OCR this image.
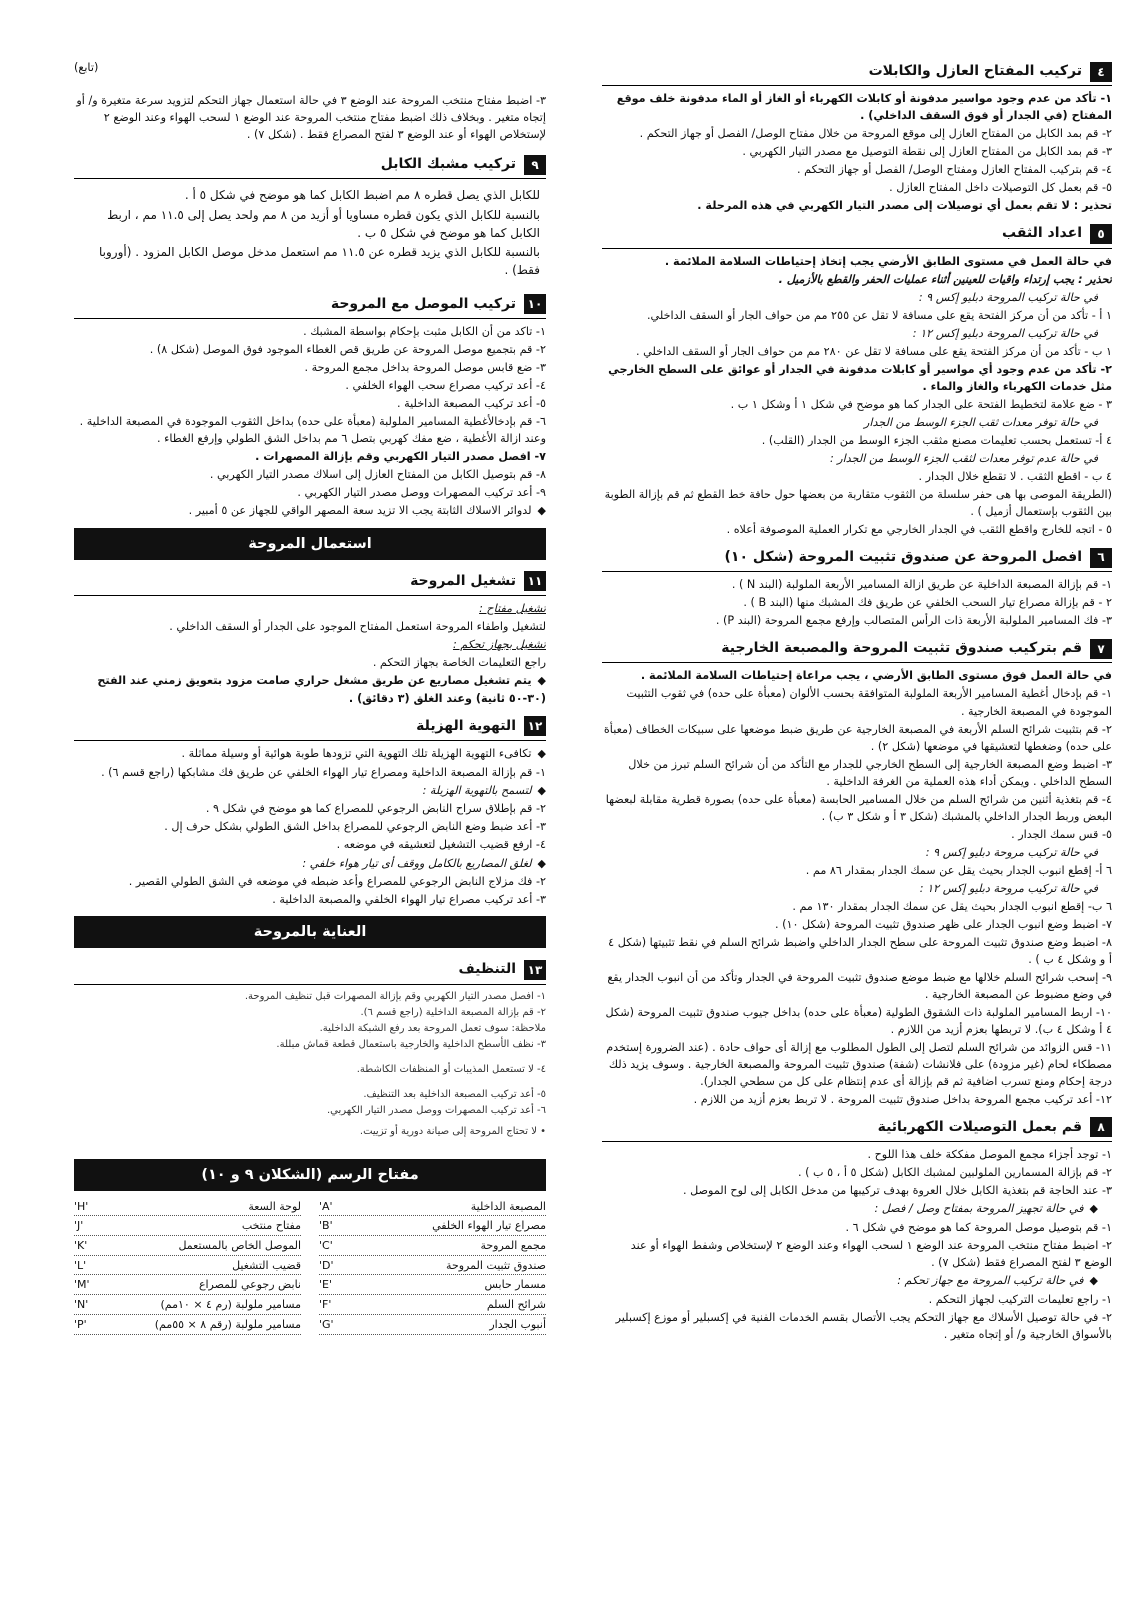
٤
تركيب المفتاح العازل والكابلات
١- تأكد من عدم وجود مواسير مدفونة أو كابلات الكهرباء أو الغاز أو الماء مدفونة خلف موقع المفتاح (في الجدار أو فوق السقف الداخلي) .
٢- قم بمد الكابل من المفتاح العازل إلى موقع المروحة من خلال مفتاح الوصل/ الفصل أو جهاز التحكم .
٣- قم بمد الكابل من المفتاح العازل إلى نقطة التوصيل مع مصدر التيار الكهربي .
٤- قم بتركيب المفتاح العازل ومفتاح الوصل/ الفصل أو جهاز التحكم .
٥- قم بعمل كل التوصيلات داخل المفتاح العازل .
تحذير : لا تقم بعمل أي توصيلات إلى مصدر التيار الكهربي في هذه المرحلة .
٥
اعداد الثقب
في حالة العمل في مستوى الطابق الأرضي يجب إتخاذ إحتياطات السلامة الملائمة .
تحذير : يجب إرتداء واقيات للعينين أثناء عمليات الحفر والقطع بالأزميل .
في حالة تركيب المروحة دبليو إكس ٩ :
١ أ - تأكد من أن مركز الفتحة يقع على مسافة لا تقل عن ٢٥٥ مم من حواف الجار أو السقف الداخلي.
في حالة تركيب المروحة دبليو إكس ١٢ :
١ ب - تأكد من أن مركز الفتحة يقع على مسافة لا تقل عن ٢٨٠ مم من حواف الجار أو السقف الداخلي .
٢- تأكد من عدم وجود أي مواسير أو كابلات مدفونة في الجدار أو عوائق على السطح الخارجي مثل خدمات الكهرباء والغاز والماء .
٣ - ضع علامة لتخطيط الفتحة على الجدار كما هو موضح في شكل ١ أ وشكل ١ ب .
في حالة توفر معدات ثقب الجزء الوسط من الجدار
٤ أ- تستعمل بحسب تعليمات مصنع مثقب الجزء الوسط من الجدار (القلب) .
في حالة عدم توفر معدات لثقب الجزء الوسط من الجدار :
٤ ب - اقطع الثقب . لا تقطع خلال الجدار .
(الطريقة الموصى بها هى حفر سلسلة من الثقوب متقاربة من بعضها حول حافة خط القطع ثم قم بإزالة الطوبة بين الثقوب بإستعمال أزميل ) .
٥ - اتجه للخارج واقطع الثقب في الجدار الخارجي مع تكرار العملية الموصوفة أعلاه .
٦
افصل المروحة عن صندوق تثبيت المروحة (شكل ١٠)
١- قم بإزالة المصبعة الداخلية عن طريق ازالة المسامير الأربعة الملولبة (البند N ) .
٢ - قم بإزالة مصراع تيار السحب الخلفي عن طريق فك المشبك منها (البند B ) .
٣- فك المسامير الملولبة الأربعة ذات الرأس المتصالب وإرفع مجمع المروحة (البند P) .
٧
قم بتركيب صندوق تثبيت المروحة والمصبعة الخارجية
في حالة العمل فوق مستوى الطابق الأرضي ، يجب مراعاة إحتياطات السلامة الملائمة .
١- قم بإدخال أغطية المسامير الأربعة الملولبة المتوافقة بحسب الألوان (معبأة على حده) في ثقوب التثبيت الموجودة في المصبعة الخارجية .
٢- قم بتثبيت شرائح السلم الأربعة في المصبعة الخارجية عن طريق ضبط موضعها على سبيكات الخطاف (معبأة على حده) وضغطها لتعشيقها في موضعها (شكل ٢) .
٣- اضبط وضع المصبعة الخارجية إلى السطح الخارجي للجدار مع التأكد من أن شرائح السلم تبرز من خلال السطح الداخلي . ويمكن أداء هذه العملية من الغرفة الداخلية .
٤- قم بتغذية أثنين من شرائح السلم من خلال المسامير الحابسة (معبأة على حده) بصورة قطرية مقابلة لبعضها البعض وربط الجدار الداخلي بالمشبك (شكل ٣ أ و شكل ٣ ب) .
٥- قس سمك الجدار .
في حالة تركيب مروحة دبليو إكس ٩ :
٦ أ- إقطع انبوب الجدار بحيث يقل عن سمك الجدار بمقدار ٨٦ مم .
في حالة تركيب مروحة دبليو إكس ١٢ :
٦ ب- إقطع انبوب الجدار بحيث يقل عن سمك الجدار بمقدار ١٣٠ مم .
٧- اضبط وضع انبوب الجدار على ظهر صندوق تثبيت المروحة (شكل ١٠) .
٨- اضبط وضع صندوق تثبيت المروحة على سطح الجدار الداخلي واضبط شرائح السلم في نقط تثبيتها (شكل ٤ أ و وشكل ٤ ب ) .
٩- إسحب شرائح السلم خلالها مع ضبط موضع صندوق تثبيت المروحة في الجدار وتأكد من أن انبوب الجدار يقع في وضع مضبوط عن المصبعة الخارجية .
١٠- اربط المسامير الملولبة ذات الشقوق الطولية (معبأة على حده) بداخل جيوب صندوق تثبيت المروحة (شكل ٤ أ وشكل ٤ ب). لا تربطها بعزم أزيد من اللازم .
١١- قس الزوائد من شرائح السلم لتصل إلى الطول المطلوب مع إزالة أى حواف حادة . (عند الضرورة إستخدم مصطكاء لحام (غير مزودة) على فلانشات (شفة) صندوق تثبيت المروحة والمصبعة الخارجية . وسوف يزيد ذلك درجة إحكام ومنع تسرب اضافية ثم قم بإزالة أى عدم إنتظام على كل من سطحي الجدار).
١٢- أعد تركيب مجمع المروحة بداخل صندوق تثبيت المروحة . لا تربط بعزم أزيد من اللازم .
٨
قم بعمل التوصيلات الكهربائية
١- توجد أجزاء مجمع الموصل مفككة خلف هذا اللوح .
٢- قم بإزالة المسمارين الملولبين لمشبك الكابل (شكل ٥ أ ، ٥ ب ) .
٣- عند الحاجة قم بتغذية الكابل خلال العروة بهدف تركيبها من مدخل الكابل إلى لوح الموصل .
◆ في حالة تجهيز المروحة بمفتاح وصل / فصل :
١- قم بتوصيل موصل المروحة كما هو موضح في شكل ٦ .
٢- اضبط مفتاح منتخب المروحة عند الوضع ١ لسحب الهواء وعند الوضع ٢ لإستخلاص وشفط الهواء أو عند الوضع ٣ لفتح المصراع فقط (شكل ٧) .
◆ في حالة تركيب المروحة مع جهاز تحكم :
١- راجع تعليمات التركيب لجهاز التحكم .
٢- في حالة توصيل الأسلاك مع جهاز التحكم يجب الأتصال بقسم الخدمات الفنية في إكسبلير أو موزع إكسبلير بالأسواق الخارجية و/ أو إتجاه متغير .
(تابع)
٣- اضبط مفتاح منتخب المروحة عند الوضع ٣ في حالة استعمال جهاز التحكم لتزويد سرعة متغيرة و/ أو إتجاه متغير . وبخلاف ذلك اضبط مفتاح منتخب المروحة عند الوضع ١ لسحب الهواء وعند الوضع ٢ لإستخلاص الهواء أو عند الوضع ٣ لفتح المصراع فقط . (شكل ٧) .
٩
تركيب مشبك الكابل
للكابل الذي يصل قطره ٨ مم اضبط الكابل كما هو موضح في شكل ٥ أ .
بالنسبة للكابل الذي يكون قطره مساويا أو أزيد من ٨ مم ولحد يصل إلى ١١.٥ مم ، اربط الكابل كما هو موضح في شكل ٥ ب .
بالنسبة للكابل الذي يزيد قطره عن ١١.٥ مم استعمل مدخل موصل الكابل المزود . (أوروبا فقط) .
١٠
تركيب الموصل مع المروحة
١- تاكد من أن الكابل مثبت بإحكام بواسطة المشبك .
٢- قم بتجميع موصل المروحة عن طريق قص الغطاء الموجود فوق الموصل (شكل ٨) .
٣- ضع قابس موصل المروحة بداخل مجمع المروحة .
٤- أعد تركيب مصراع سحب الهواء الخلفي .
٥- أعد تركيب المصبعة الداخلية .
٦- قم بإدخالأغطية المسامير الملولبة (معبأة على حده) بداخل الثقوب الموجودة في المصبعة الداخلية . وعند ازالة الأغطية ، ضع مفك كهربي بتصل ٦ مم بداخل الشق الطولي وإرفع الغطاء .
٧- افصل مصدر التيار الكهربي وقم بإزالة المصهرات .
٨- قم بتوصيل الكابل من المفتاح العازل إلى اسلاك مصدر التيار الكهربي .
٩- أعد تركيب المصهرات ووصل مصدر التيار الكهربي .
◆ لدوائر الاسلاك الثابتة يجب الا تزيد سعة المصهر الواقي للجهاز عن ٥ أمبير .
استعمال المروحة
١١
تشغيل المروحة
تشغيل مفتاح :
لتشغيل واطفاء المروحة استعمل المفتاح الموجود على الجدار أو السقف الداخلي .
تشغيل بجهاز تحكم :
راجع التعليمات الخاصة بجهاز التحكم .
◆ يتم تشغيل مصاريع عن طريق مشغل حراري صامت مزود بتعويق زمني عند الفتح (٣٠-٥٠ ثانية) وعند الغلق (٣ دقائق) .
١٢
التهوية الهزيلة
◆ تكافىء التهوية الهزيلة تلك التهوية التي تزودها طوبة هوائية أو وسيلة مماثلة .
١- قم بإزالة المصبعة الداخلية ومصراع تيار الهواء الخلفي عن طريق فك مشابكها (راجع قسم ٦) .
◆ لتسمح بالتهوية الهزيلة :
٢- قم بإطلاق سراح النابض الرجوعي للمصراع كما هو موضح في شكل ٩ .
٣- أعد ضبط وضع النابض الرجوعي للمصراع بداخل الشق الطولي بشكل حرف إل .
٤- ارفع قضيب التشغيل لتعشيقه في موضعه .
◆ لغلق المصاريع بالكامل ووقف أى تيار هواء خلفي :
٢- فك مزلاج النابض الرجوعي للمصراع وأعد ضبطه في موضعه في الشق الطولي القصير .
٣- أعد تركيب مصراع تيار الهواء الخلفي والمصبعة الداخلية .
العناية بالمروحة
١٣
التنظيف
١- افصل مصدر التيار الكهربي وقم بإزالة المصهرات قبل تنظيف المروحة.
٢- قم بإزالة المصبعة الداخلية (راجع قسم ٦).
ملاحظة: سوف تعمل المروحة بعد رفع الشبكة الداخلية.
٣- نظف الأسطح الداخلية والخارجية باستعمال قطعة قماش مبللة.
٤- لا تستعمل المذيبات أو المنظفات الكاشطة.
٥- أعد تركيب المصبعة الداخلية بعد التنظيف.
٦- أعد تركيب المصهرات ووصل مصدر التيار الكهربي.
• لا تحتاج المروحة إلى صيانة دورية أو تزييت.
مفتاح الرسم (الشكلان ٩ و ١٠)
المصبعة الداخلية
'A'
لوحة السعة
'H'
مصراع تيار الهواء الخلفي
'B'
مفتاح منتخب
'J'
مجمع المروحة
'C'
الموصل الخاص بالمستعمل
'K'
صندوق تثبيت المروحة
'D'
قضيب التشغيل
'L'
مسمار حابس
'E'
نابض رجوعي للمصراع
'M'
شرائح السلم
'F'
مسامير ملولبة (رم ٤ × ١٠مم)
'N'
أنبوب الجدار
'G'
مسامير ملولبة (رقم ٨ × ٥٥مم)
'P'
